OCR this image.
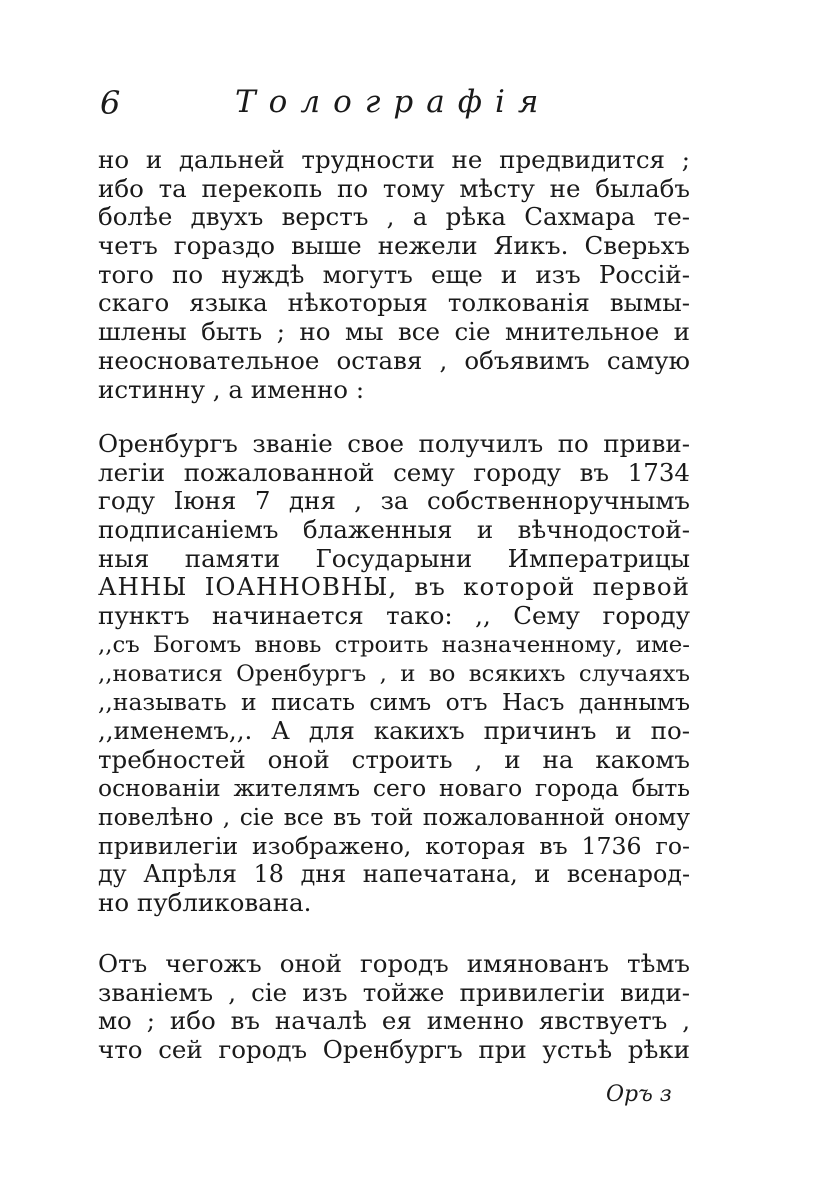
6	Толографія

но и дальней трудности не предвидится ;
ибо та перекопь по тому мѣсту не былабъ
болѣе двухъ верстъ , а рѣка Сахмара те-
четъ гораздо выше нежели Яикъ. Сверьхъ
того по нуждѣ могутъ еще и изъ Россій-
скаго языка нѣкоторыя толкованія вымы-
шлены быть ; но мы все сіе мнительное и
неосновательное оставя , объявимъ самую
истинну , а именно :

Оренбургъ званіе свое получилъ по приви-
легіи пожалованной сему городу въ 1734
году Іюня 7 дня , за собственноручнымъ
подписаніемъ блаженныя и вѣчнодостой-
ныя памяти Государыни Императрицы
АННЫ ІОАННОВНЫ, въ которой первой
пунктъ начинается тако: ,, Сему городу
,,съ Богомъ вновь строить назначенному, име-
,,новатися Оренбургъ , и во всякихъ случаяхъ
,,называть и писать симъ отъ Насъ даннымъ
,,именемъ,,. А для какихъ причинъ и по-
требностей оной строить , и на какомъ
основаніи жителямъ сего новаго города быть
повелѣно , сіе все въ той пожалованной оному
привилегіи изображено, которая въ 1736 го-
ду Апрѣля 18 дня напечатана, и всенарод-
но публикована.

Отъ чегожъ оной городъ имянованъ тѣмъ
званіемъ , сіе изъ тойже привилегіи види-
мо ; ибо въ началѣ ея именно явствуетъ ,
что сей городъ Оренбургъ при устьѣ рѣки

Оръ з
